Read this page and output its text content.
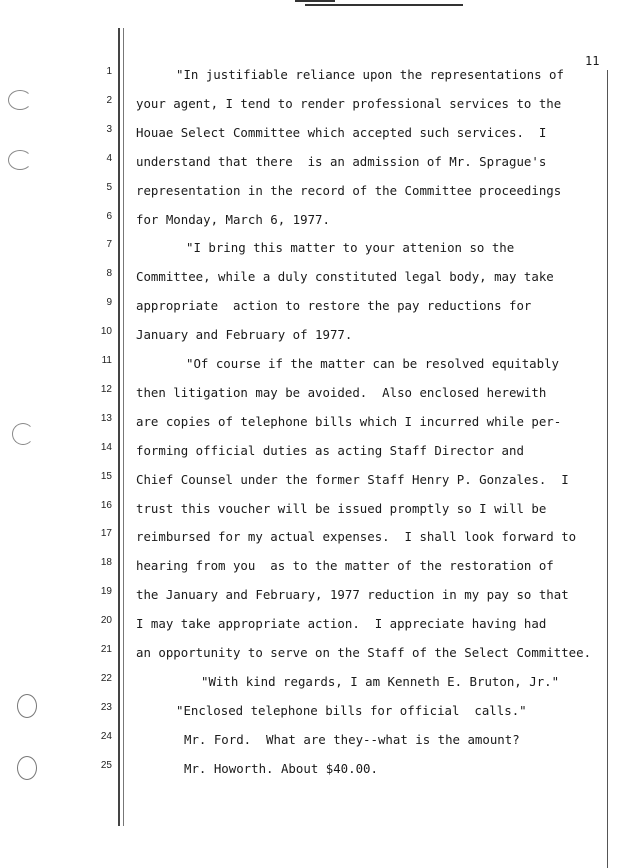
11
1
2
3
4
5
6
7
8
9
10
11
12
13
14
15
16
17
18
19
20
21
22
23
24
25
"In justifiable reliance upon the representations of
your agent, I tend to render professional services to the
Houae Select Committee which accepted such services.  I
understand that there  is an admission of Mr. Sprague's
representation in the record of the Committee proceedings
for Monday, March 6, 1977.
"I bring this matter to your attenion so the
Committee, while a duly constituted legal body, may take
appropriate  action to restore the pay reductions for
January and February of 1977.
"Of course if the matter can be resolved equitably
then litigation may be avoided.  Also enclosed herewith
are copies of telephone bills which I incurred while per-
forming official duties as acting Staff Director and
Chief Counsel under the former Staff Henry P. Gonzales.  I
trust this voucher will be issued promptly so I will be
reimbursed for my actual expenses.  I shall look forward to
hearing from you  as to the matter of the restoration of
the January and February, 1977 reduction in my pay so that
I may take appropriate action.  I appreciate having had
an opportunity to serve on the Staff of the Select Committee.
"With kind regards, I am Kenneth E. Bruton, Jr."
"Enclosed telephone bills for official  calls."
Mr. Ford.  What are they--what is the amount?
Mr. Howorth. About $40.00.
